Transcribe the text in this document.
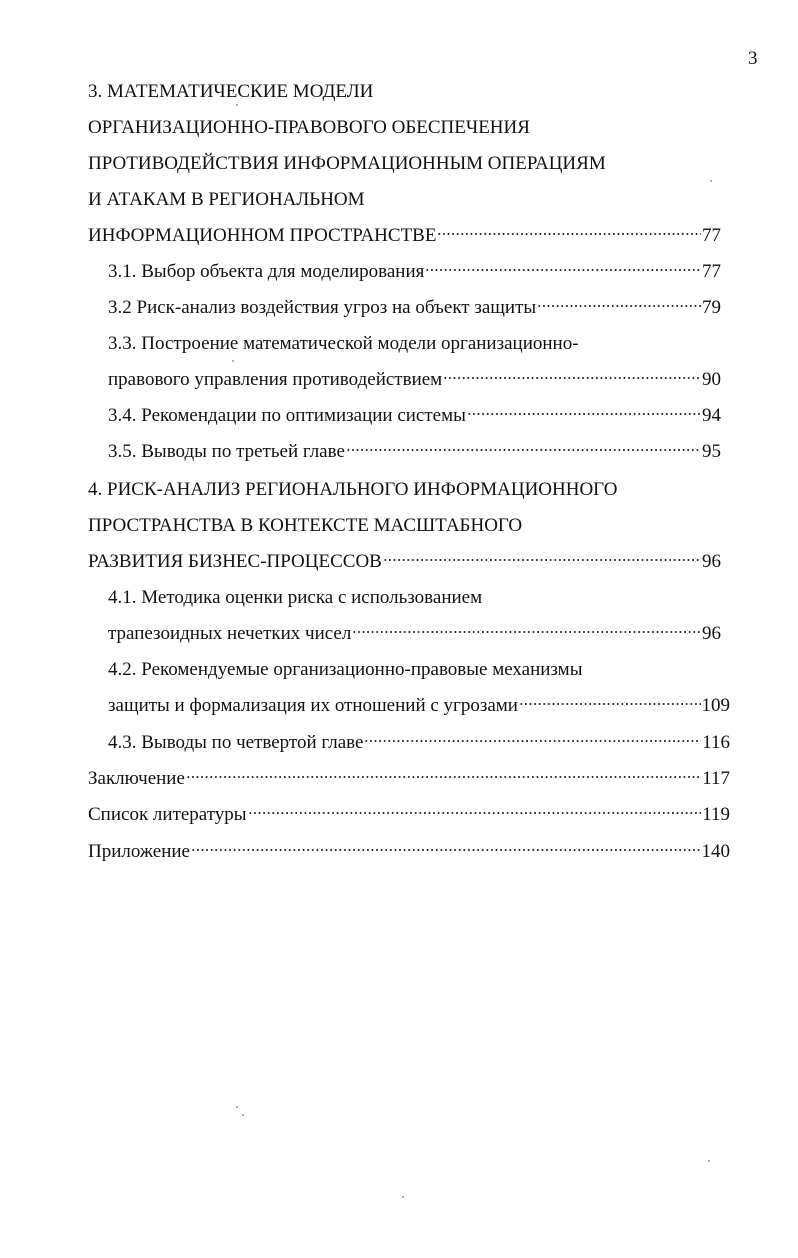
3
3. МАТЕМАТИЧЕСКИЕ МОДЕЛИ
ОРГАНИЗАЦИОННО-ПРАВОВОГО ОБЕСПЕЧЕНИЯ
ПРОТИВОДЕЙСТВИЯ ИНФОРМАЦИОННЫМ ОПЕРАЦИЯМ
И АТАКАМ В РЕГИОНАЛЬНОМ
ИНФОРМАЦИОННОМ ПРОСТРАНСТВЕ	77
3.1. Выбор объекта для моделирования	77
3.2 Риск-анализ воздействия угроз на объект защиты	79
3.3. Построение математической модели организационно-
правового управления противодействием	90
3.4. Рекомендации по оптимизации системы	94
3.5. Выводы по третьей главе	95
4. РИСК-АНАЛИЗ РЕГИОНАЛЬНОГО ИНФОРМАЦИОННОГО
ПРОСТРАНСТВА В КОНТЕКСТЕ МАСШТАБНОГО
РАЗВИТИЯ БИЗНЕС-ПРОЦЕССОВ	96
4.1. Методика оценки риска с использованием
трапезоидных нечетких чисел	96
4.2. Рекомендуемые организационно-правовые механизмы
защиты и формализация их отношений с угрозами	109
4.3. Выводы по четвертой главе	116
Заключение	117
Список литературы	119
Приложение	140
